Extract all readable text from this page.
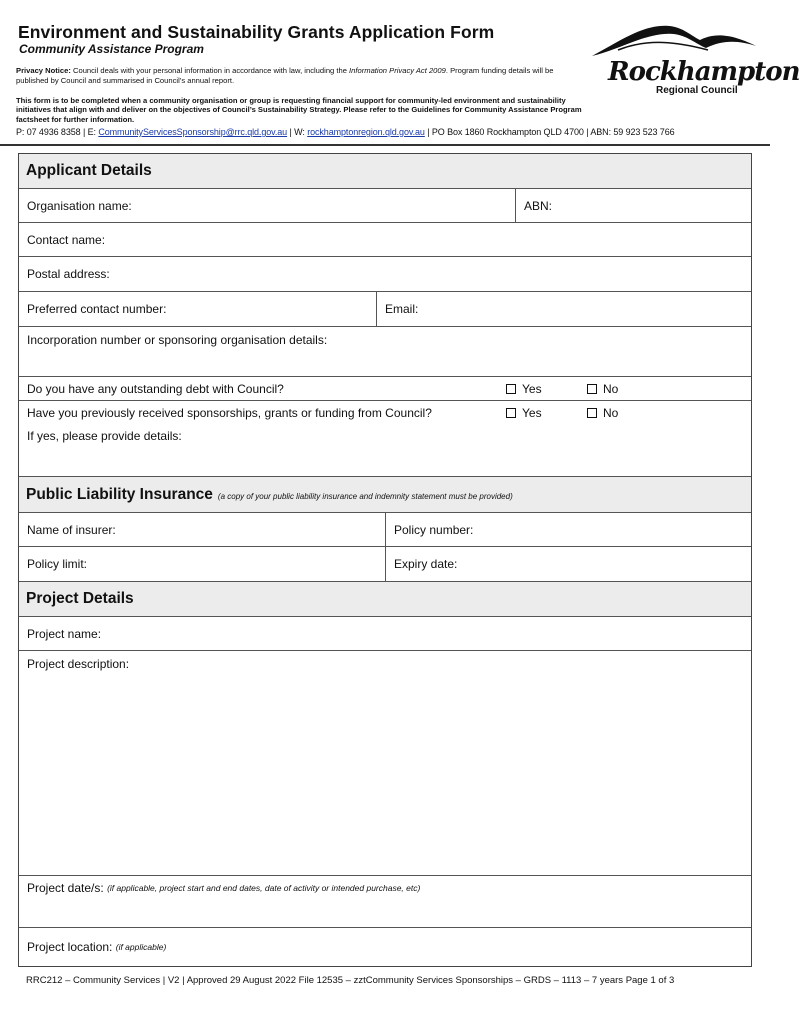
Environment and Sustainability Grants Application Form
Community Assistance Program
Privacy Notice: Council deals with your personal information in accordance with law, including the Information Privacy Act 2009. Program funding details will be published by Council and summarised in Council’s annual report.
This form is to be completed when a community organisation or group is requesting financial support for community-led environment and sustainability initiatives that align with and deliver on the objectives of Council’s Sustainability Strategy. Please refer to the Guidelines for Community Assistance Program factsheet for further information.
P: 07 4936 8358 | E: CommunityServicesSponsorship@rrc.qld.gov.au | W: rockhamptonregion.qld.gov.au | PO Box 1860 Rockhampton QLD 4700 | ABN: 59 923 523 766
Rockhampton
Regional Council
Applicant Details
Organisation name:	ABN:
Contact name:
Postal address:
Preferred contact number:	Email:
Incorporation number or sponsoring organisation details:
Do you have any outstanding debt with Council?	Yes	No
Have you previously received sponsorships, grants or funding from Council?	Yes	No
If yes, please provide details:
Public Liability Insurance (a copy of your public liability insurance and indemnity statement must be provided)
Name of insurer:	Policy number:
Policy limit:	Expiry date:
Project Details
Project name:
Project description:
Project date/s:
(if applicable, project start and end dates, date of activity or intended purchase, etc)
Project location:
(if applicable)
RRC212 – Community Services | V2 | Approved 29 August 2022 File 12535 – zztCommunity Services Sponsorships – GRDS – 1113 – 7 years Page 1 of 3
